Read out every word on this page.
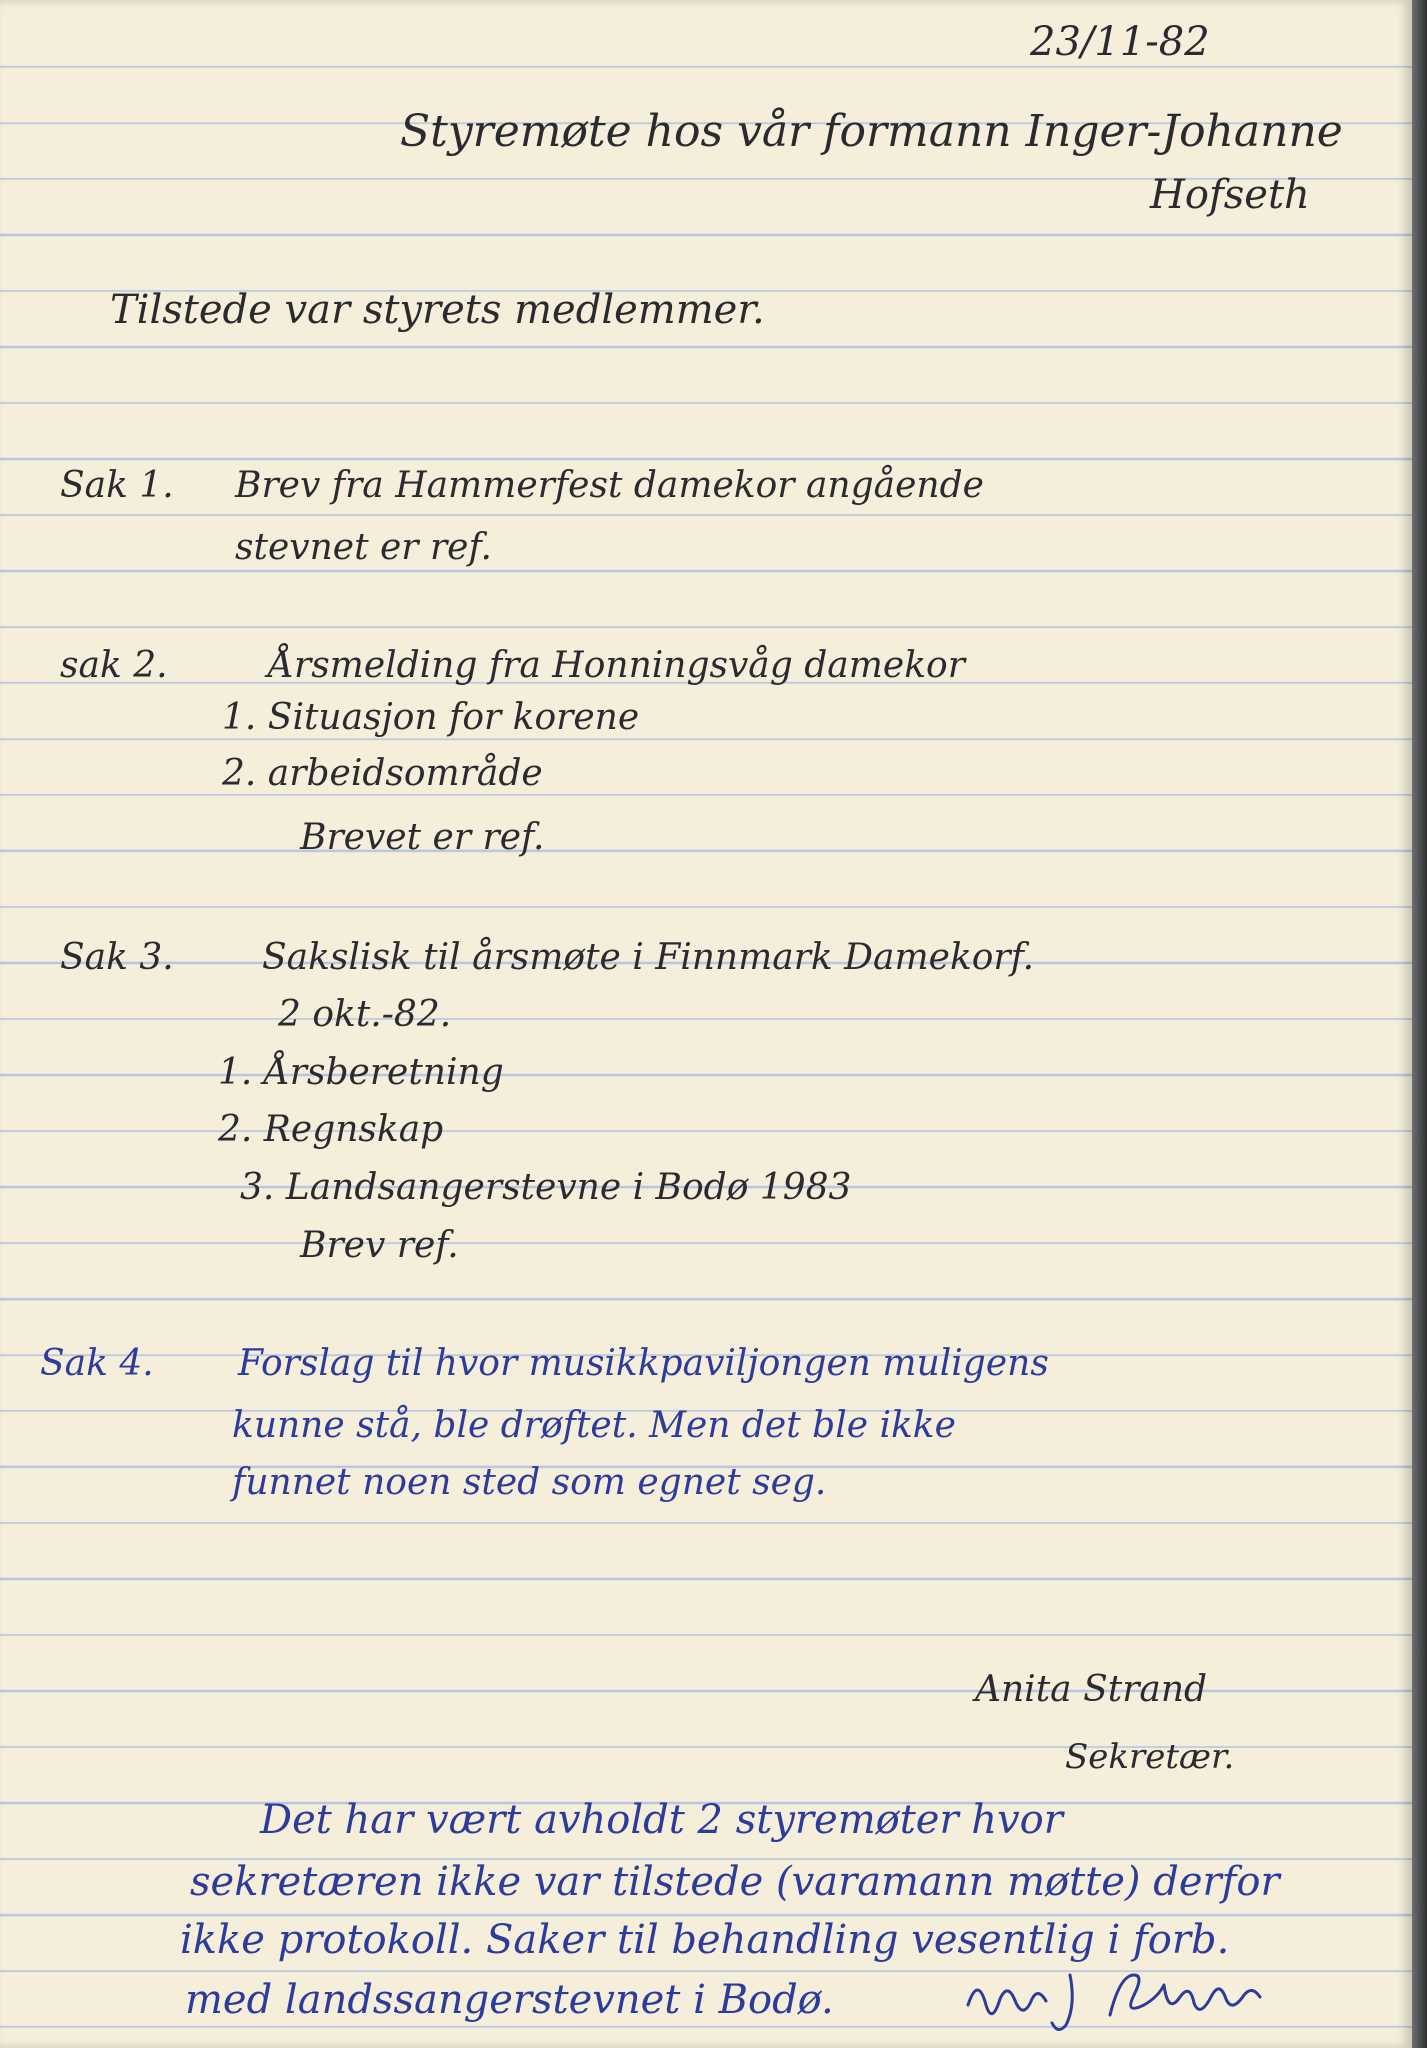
23/11-82
Styremøte hos vår formann Inger-Johanne
Hofseth
Tilstede var styrets medlemmer.
Sak 1. Brev fra Hammerfest damekor angående
stevnet er ref.
sak 2.	Årsmelding fra Honningsvåg damekor
1. Situasjon for korene
2. arbeidsområde
Brevet er ref.
Sak 3. Sakslisk til årsmøte i Finnmark Damekorf.
2 okt.-82.
1. Årsberetning
2. Regnskap
3. Landsangerstevne i Bodø 1983
Brev ref.
Sak 4. Forslag til hvor musikkpaviljongen muligens
kunne stå, ble drøftet. Men det ble ikke
funnet noen sted som egnet seg.
Anita Strand
Sekretær.
Det har vært avholdt 2 styremøter hvor
sekretæren ikke var tilstede (varamann møtte) derfor
ikke protokoll. Saker til behandling vesentlig i forb.
med landssangerstevnet i Bodø.
